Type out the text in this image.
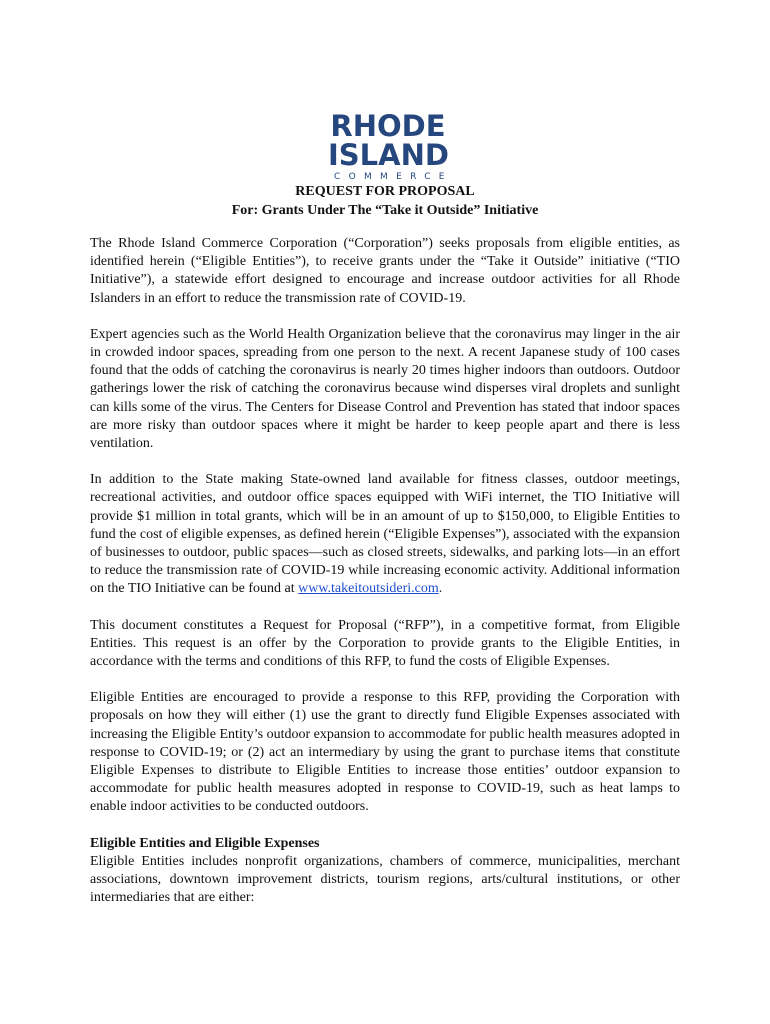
RHODE
ISLAND
COMMERCE
REQUEST FOR PROPOSAL
For: Grants Under The “Take it Outside” Initiative

The Rhode Island Commerce Corporation (“Corporation”) seeks proposals from eligible entities, as identified herein (“Eligible Entities”), to receive grants under the “Take it Outside” initiative (“TIO Initiative”), a statewide effort designed to encourage and increase outdoor activities for all Rhode Islanders in an effort to reduce the transmission rate of COVID-19.

Expert agencies such as the World Health Organization believe that the coronavirus may linger in the air in crowded indoor spaces, spreading from one person to the next. A recent Japanese study of 100 cases found that the odds of catching the coronavirus is nearly 20 times higher indoors than outdoors. Outdoor gatherings lower the risk of catching the coronavirus because wind disperses viral droplets and sunlight can kills some of the virus. The Centers for Disease Control and Prevention has stated that indoor spaces are more risky than outdoor spaces where it might be harder to keep people apart and there is less ventilation.

In addition to the State making State-owned land available for fitness classes, outdoor meetings, recreational activities, and outdoor office spaces equipped with WiFi internet, the TIO Initiative will provide $1 million in total grants, which will be in an amount of up to $150,000, to Eligible Entities to fund the cost of eligible expenses, as defined herein (“Eligible Expenses”), associated with the expansion of businesses to outdoor, public spaces—such as closed streets, sidewalks, and parking lots—in an effort to reduce the transmission rate of COVID-19 while increasing economic activity. Additional information on the TIO Initiative can be found at www.takeitoutsideri.com.

This document constitutes a Request for Proposal (“RFP”), in a competitive format, from Eligible Entities. This request is an offer by the Corporation to provide grants to the Eligible Entities, in accordance with the terms and conditions of this RFP, to fund the costs of Eligible Expenses.

Eligible Entities are encouraged to provide a response to this RFP, providing the Corporation with proposals on how they will either (1) use the grant to directly fund Eligible Expenses associated with increasing the Eligible Entity’s outdoor expansion to accommodate for public health measures adopted in response to COVID-19; or (2) act an intermediary by using the grant to purchase items that constitute Eligible Expenses to distribute to Eligible Entities to increase those entities’ outdoor expansion to accommodate for public health measures adopted in response to COVID-19, such as heat lamps to enable indoor activities to be conducted outdoors.

Eligible Entities and Eligible Expenses
Eligible Entities includes nonprofit organizations, chambers of commerce, municipalities, merchant associations, downtown improvement districts, tourism regions, arts/cultural institutions, or other intermediaries that are either:
